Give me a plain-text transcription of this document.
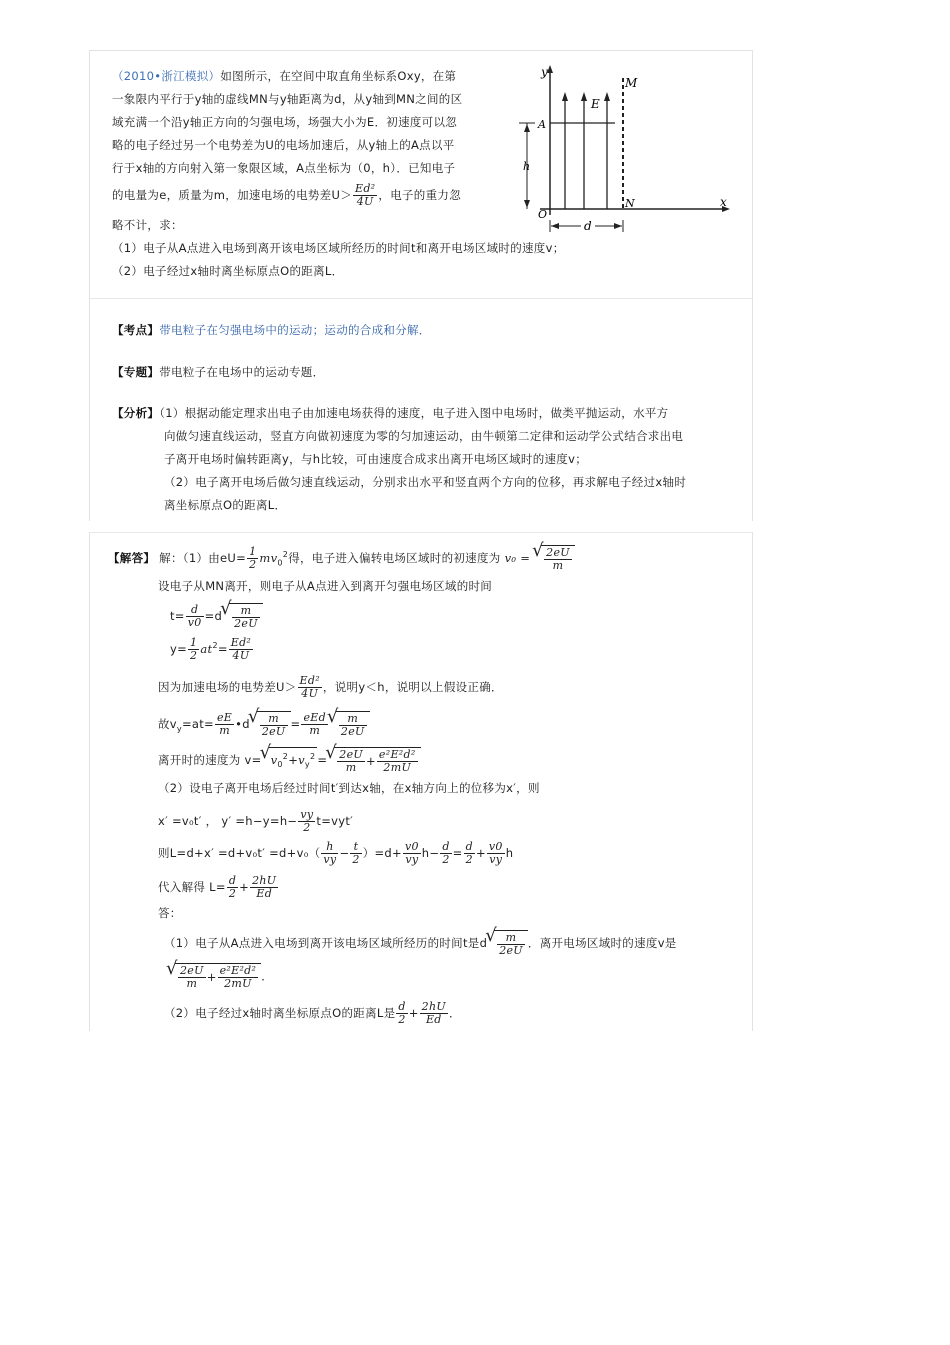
（2010•浙江模拟）如图所示，在空间中取直角坐标系Oxy，在第
一象限内平行于y轴的虚线MN与y轴距离为d，从y轴到MN之间的区
域充满一个沿y轴正方向的匀强电场，场强大小为E．初速度可以忽
略的电子经过另一个电势差为U的电场加速后，从y轴上的A点以平
行于x轴的方向射入第一象限区域，A点坐标为（0，h）．已知电子
的电量为e，质量为m，加速电场的电势差$U> \frac{\text{Ed²}}{4U}$ ，电子的重力忽
略不计，求：
（1）电子从A点进入电场到离开该电场区域所经历的时间t和离开电场区域时的速度v；
（2）电子经过x轴时离坐标原点O的距离L．
y
x
O
A
h
E
M
N
d
【考点】带电粒子在匀强电场中的运动；运动的合成和分解．
【专题】带电粒子在电场中的运动专题．
【分析】（1）根据动能定理求出电子由加速电场获得的速度，电子进入图中电场时，做类平抛运动，水平方
向做匀速直线运动，竖直方向做初速度为零的匀加速运动，由牛顿第二定律和运动学公式结合求出电
子离开电场时偏转距离y，与h比较，可由速度合成求出离开电场区域时的速度v；
（2）电子离开电场后做匀速直线运动，分别求出水平和竖直两个方向的位移，再求解电子经过x轴时
离坐标原点O的距离L．
【解答】 解：（1）由$eU= \frac{1}{2} mv_0^2$得，电子进入偏转电场区域时的初速度为 v₀ = √ $\frac{2eU}{m}$
设电子从MN离开，则电子从A点进入到离开匀强电场区域的时间
$t= \frac{d}{v0} =d$ √ $\frac{m}{2eU}$
$y= \frac{1}{2} at^2= \frac{\text{Ed²}}{4U}$
因为加速电场的电势差$U> \frac{\text{Ed²}}{4U}$ ，说明y＜h，说明以上假设正确．
故$v_y=at= \frac{eE}{m}$ •d √ $\frac{m}{2eU} = \frac{\text{eEd}}{m}$ √ $\frac{m}{2eU}$
离开时的速度为 v= √ $v_0^2+v_y^2$ = √ $\frac{2eU}{m} + \frac{\text{e²E²d²}}{2mU}$
（2）设电子离开电场后经过时间t′到达x轴，在x轴方向上的位移为x′，则
x′ =v₀t′ ， $y' =h-y=h- \frac{vy}{2} t=vyt'$
则$L=d+x' =d+v_0t' =d+v_0( \frac{h}{vy} - \frac{t}{2} )=d+ \frac{v0}{vy} h- \frac{d}{2} = \frac{d}{2} + \frac{v0}{vy}$ h
代入解得 $L= \frac{d}{2} + \frac{2hU}{Ed}$
答：
（1）电子从A点进入电场到离开该电场区域所经历的时间t是d √ $\frac{m}{2eU}$ ．离开电场区域时的速度v是
√ $\frac{2eU}{m} + \frac{\text{e²E²d²}}{2mU}$ ．
（2）电子经过x轴时离坐标原点O的距离L是 $\frac{d}{2} + \frac{2hU}{Ed}$ ．
